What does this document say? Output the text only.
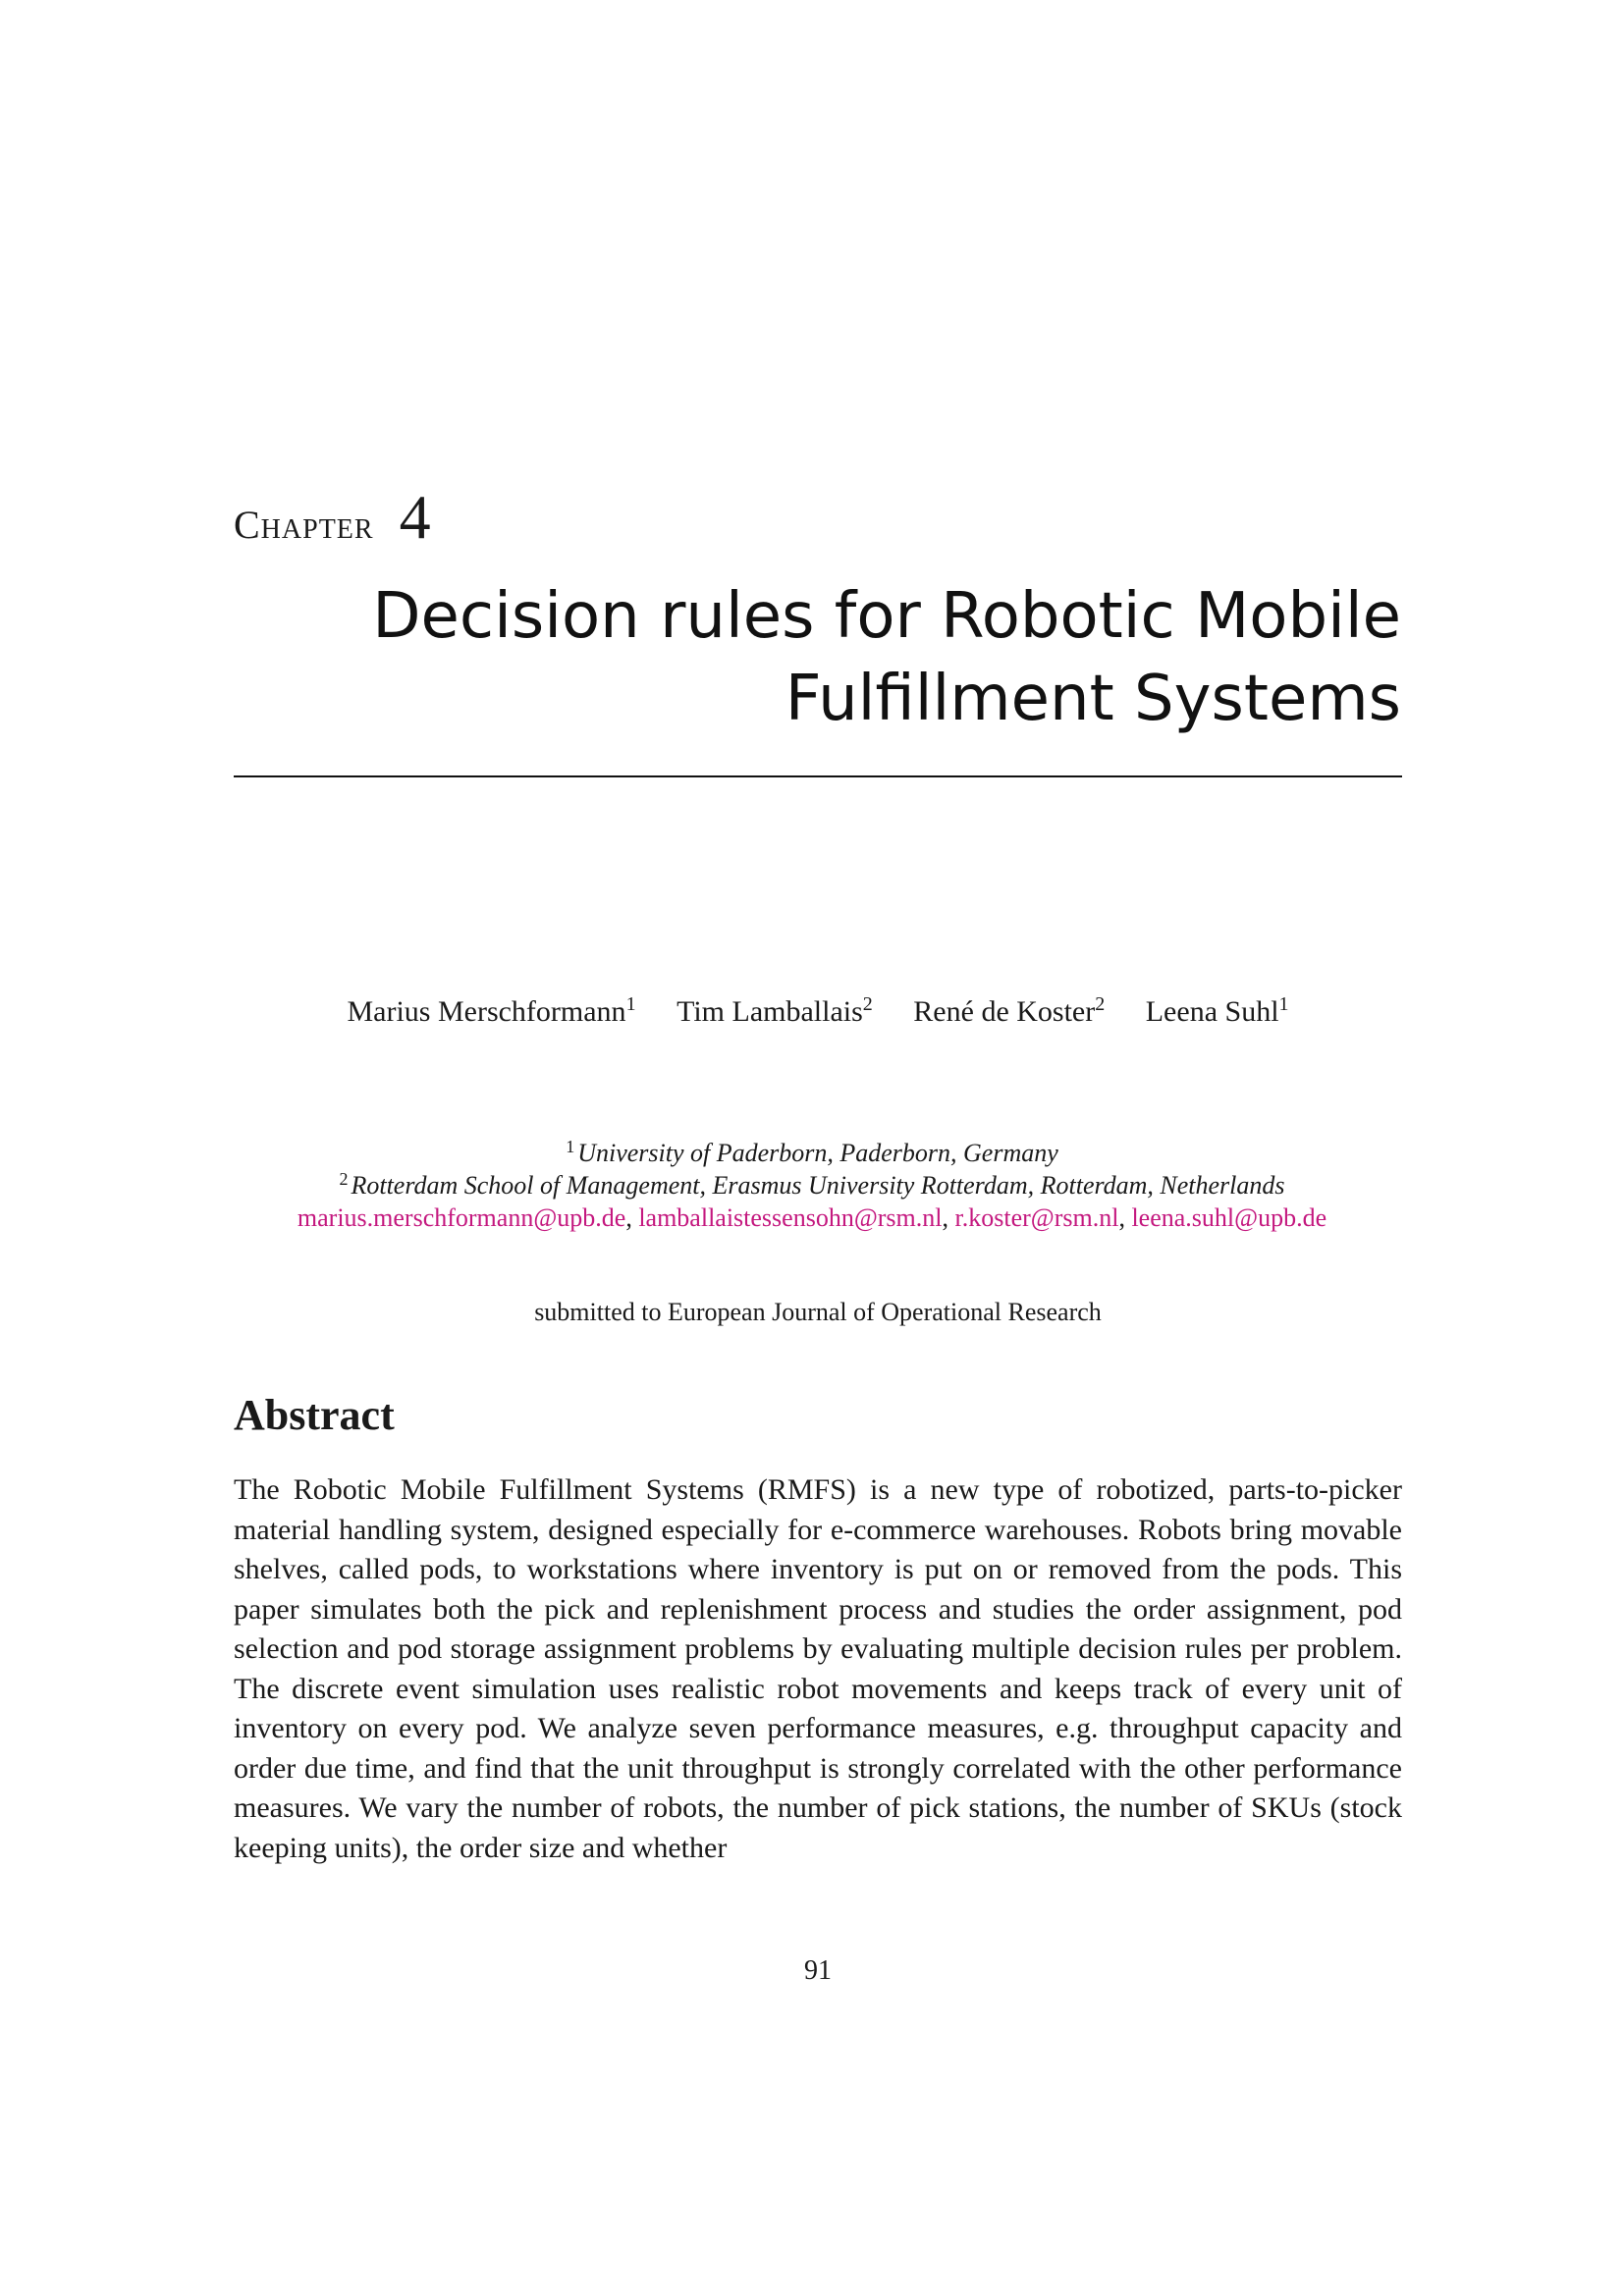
Chapter 4
Decision rules for Robotic Mobile
Fulfillment Systems
Marius Merschformann$^1$ Tim Lamballais$^2$ René de Koster$^2$ Leena Suhl$^1$
$^1$ University of Paderborn, Paderborn, Germany
$^2$ Rotterdam School of Management, Erasmus University Rotterdam, Rotterdam, Netherlands
marius.merschformann@upb.de, lamballaistessensohn@rsm.nl, r.koster@rsm.nl, leena.suhl@upb.de
submitted to European Journal of Operational Research
Abstract
The Robotic Mobile Fulfillment Systems (RMFS) is a new type of robotized, parts-to-picker material handling system, designed especially for e-commerce warehouses. Robots bring movable shelves, called pods, to workstations where inventory is put on or removed from the pods. This paper simulates both the pick and replenishment process and studies the order assignment, pod selection and pod storage assignment problems by evaluating multiple decision rules per problem. The discrete event simulation uses realistic robot movements and keeps track of every unit of inventory on every pod. We analyze seven performance measures, e.g. throughput capacity and order due time, and find that the unit throughput is strongly correlated with the other performance measures. We vary the number of robots, the number of pick stations, the number of SKUs (stock keeping units), the order size and whether
91
